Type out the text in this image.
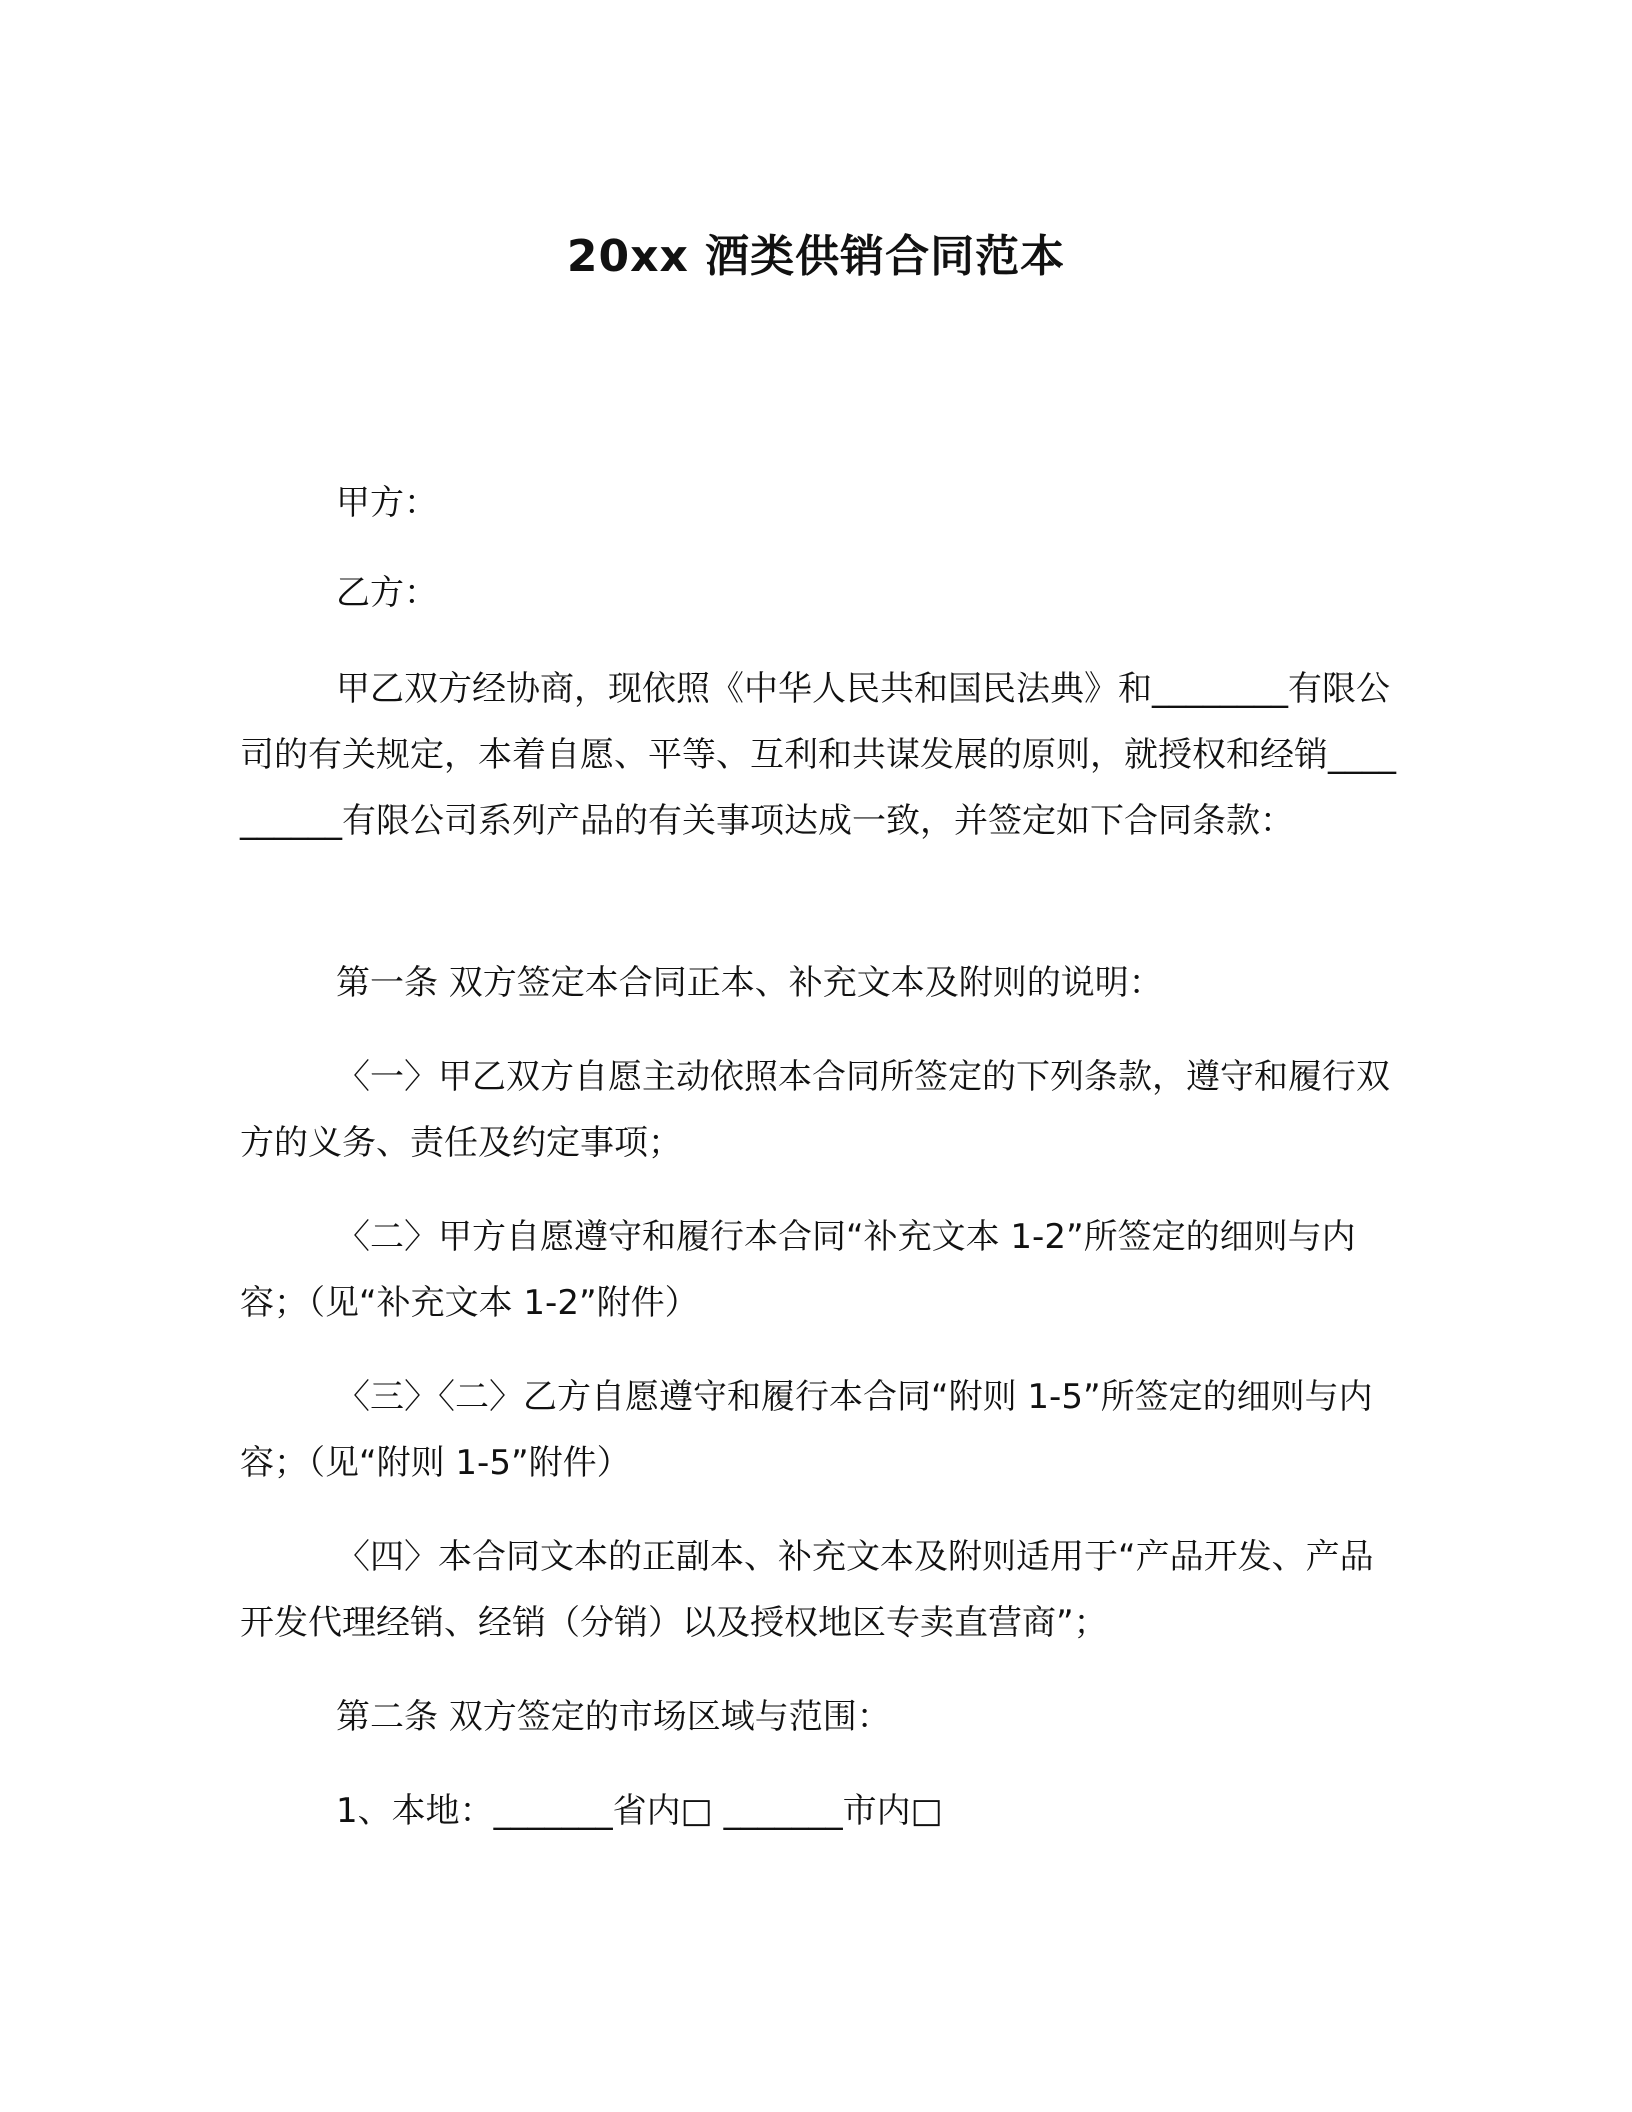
20xx 酒类供销合同范本

甲方：

乙方：

甲乙双方经协商，现依照《中华人民共和国民法典》和________有限公司的有关规定，本着自愿、平等、互利和共谋发展的原则，就授权和经销__________有限公司系列产品的有关事项达成一致，并签定如下合同条款：

第一条 双方签定本合同正本、补充文本及附则的说明：

〈一〉甲乙双方自愿主动依照本合同所签定的下列条款，遵守和履行双方的义务、责任及约定事项；

〈二〉甲方自愿遵守和履行本合同“补充文本 1-2”所签定的细则与内容；（见“补充文本 1-2”附件）

〈三〉〈二〉乙方自愿遵守和履行本合同“附则 1-5”所签定的细则与内容；（见“附则 1-5”附件）

〈四〉本合同文本的正副本、补充文本及附则适用于“产品开发、产品开发代理经销、经销（分销）以及授权地区专卖直营商”；

第二条 双方签定的市场区域与范围：

1、本地：_______省内□ _______市内□
